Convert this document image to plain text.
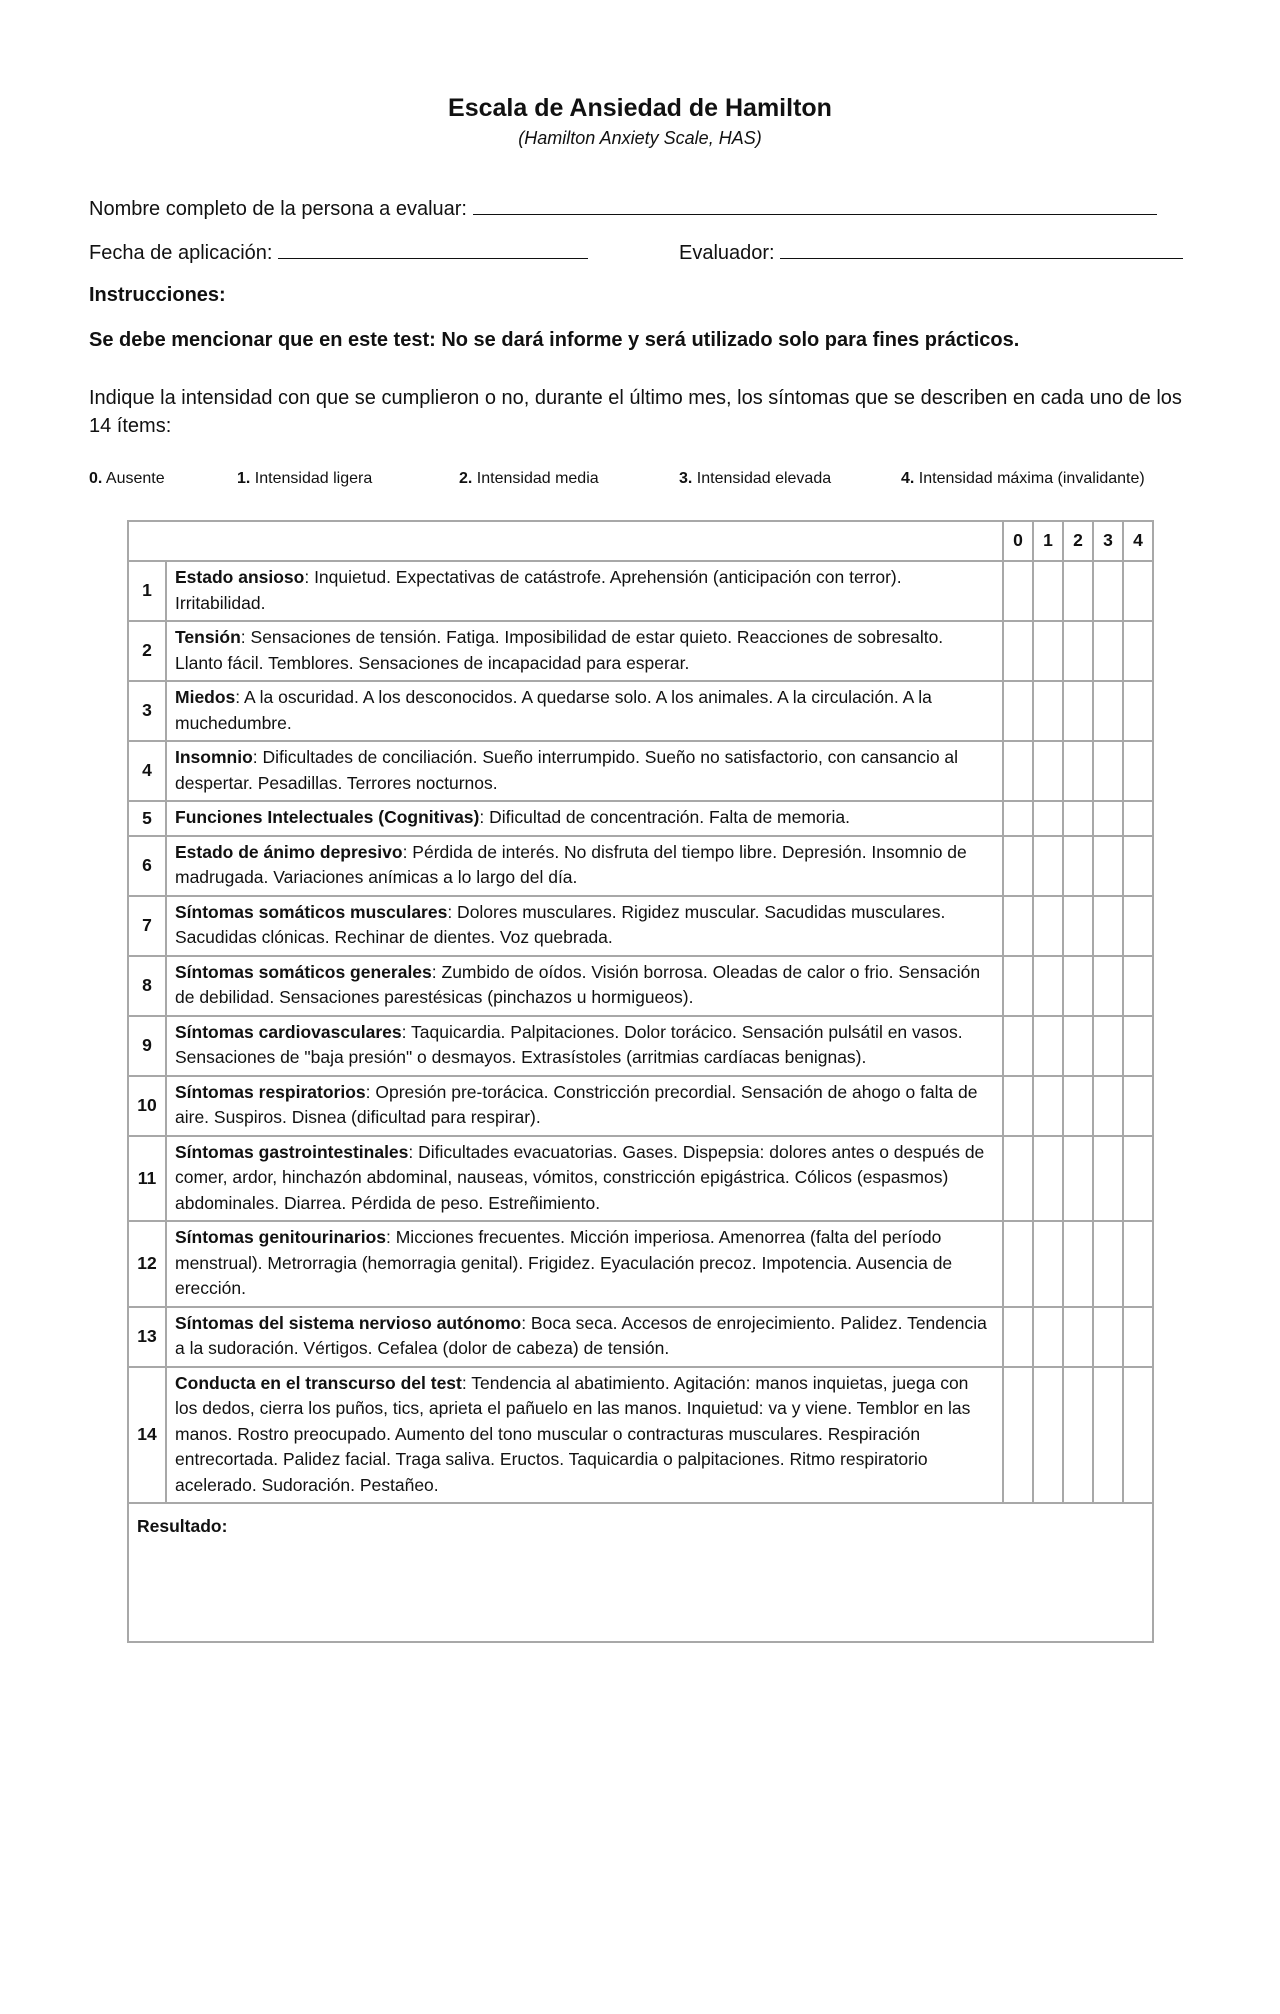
Escala de Ansiedad de Hamilton
(Hamilton Anxiety Scale, HAS)
Nombre completo de la persona a evaluar:
Fecha de aplicación:	Evaluador:
Instrucciones:
Se debe mencionar que en este test: No se dará informe y será utilizado solo para fines prácticos.
Indique la intensidad con que se cumplieron o no, durante el último mes, los síntomas que se describen en cada uno de los 14 ítems:
0. Ausente	1. Intensidad ligera	2. Intensidad media	3. Intensidad elevada	4. Intensidad máxima (invalidante)
		0	1	2	3	4
1	Estado ansioso: Inquietud. Expectativas de catástrofe. Aprehensión (anticipación con terror). Irritabilidad.					
2	Tensión: Sensaciones de tensión. Fatiga. Imposibilidad de estar quieto. Reacciones de sobresalto. Llanto fácil. Temblores. Sensaciones de incapacidad para esperar.					
3	Miedos: A la oscuridad. A los desconocidos. A quedarse solo. A los animales. A la circulación. A la muchedumbre.					
4	Insomnio: Dificultades de conciliación. Sueño interrumpido. Sueño no satisfactorio, con cansancio al despertar. Pesadillas. Terrores nocturnos.					
5	Funciones Intelectuales (Cognitivas): Dificultad de concentración. Falta de memoria.					
6	Estado de ánimo depresivo: Pérdida de interés. No disfruta del tiempo libre. Depresión. Insomnio de madrugada. Variaciones anímicas a lo largo del día.					
7	Síntomas somáticos musculares: Dolores musculares. Rigidez muscular. Sacudidas musculares. Sacudidas clónicas. Rechinar de dientes. Voz quebrada.					
8	Síntomas somáticos generales: Zumbido de oídos. Visión borrosa. Oleadas de calor o frio. Sensación de debilidad. Sensaciones parestésicas (pinchazos u hormigueos).					
9	Síntomas cardiovasculares: Taquicardia. Palpitaciones. Dolor torácico. Sensación pulsátil en vasos. Sensaciones de "baja presión" o desmayos. Extrasístoles (arritmias cardíacas benignas).					
10	Síntomas respiratorios: Opresión pre-torácica. Constricción precordial. Sensación de ahogo o falta de aire. Suspiros. Disnea (dificultad para respirar).					
11	Síntomas gastrointestinales: Dificultades evacuatorias. Gases. Dispepsia: dolores antes o después de comer, ardor, hinchazón abdominal, nauseas, vómitos, constricción epigástrica. Cólicos (espasmos) abdominales. Diarrea. Pérdida de peso. Estreñimiento.					
12	Síntomas genitourinarios: Micciones frecuentes. Micción imperiosa. Amenorrea (falta del período menstrual). Metrorragia (hemorragia genital). Frigidez. Eyaculación precoz. Impotencia. Ausencia de erección.					
13	Síntomas del sistema nervioso autónomo: Boca seca. Accesos de enrojecimiento. Palidez. Tendencia a la sudoración. Vértigos. Cefalea (dolor de cabeza) de tensión.					
14	Conducta en el transcurso del test: Tendencia al abatimiento. Agitación: manos inquietas, juega con los dedos, cierra los puños, tics, aprieta el pañuelo en las manos. Inquietud: va y viene. Temblor en las manos. Rostro preocupado. Aumento del tono muscular o contracturas musculares. Respiración entrecortada. Palidez facial. Traga saliva. Eructos. Taquicardia o palpitaciones. Ritmo respiratorio acelerado. Sudoración. Pestañeo.					
Resultado:						
